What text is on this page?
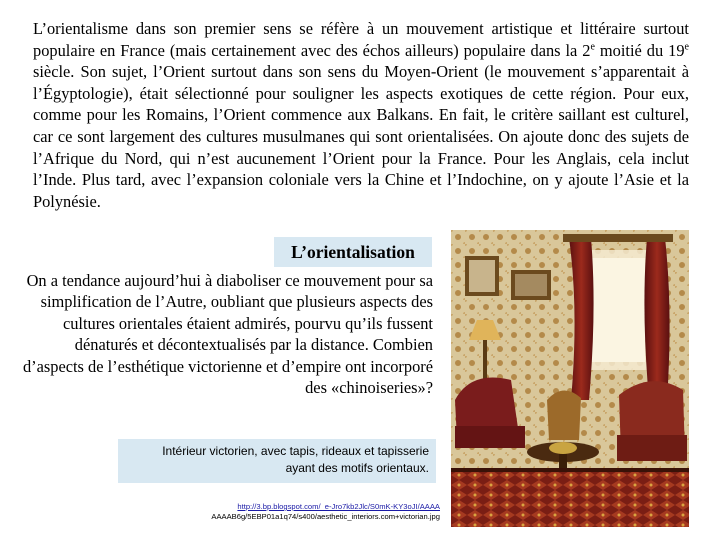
L’orientalisme dans son premier sens se réfère à un mouvement artistique et littéraire surtout populaire en France (mais certainement avec des échos ailleurs) populaire dans la 2e moitié du 19e siècle. Son sujet, l’Orient surtout dans son sens du Moyen-Orient (le mouvement s’apparentait à l’Égyptologie), était sélectionné pour souligner les aspects exotiques de cette région. Pour eux, comme pour les Romains, l’Orient commence aux Balkans. En fait, le critère saillant est culturel, car ce sont largement des cultures musulmanes qui sont orientalisées. On ajoute donc des sujets de l’Afrique du Nord, qui n’est aucunement l’Orient pour la France. Pour les Anglais, cela inclut l’Inde. Plus tard, avec l’expansion coloniale vers la Chine et l’Indochine, on y ajoute l’Asie et la Polynésie.

L’orientalisation

On a tendance aujourd’hui à diaboliser ce mouvement pour sa simplification de l’Autre, oubliant que plusieurs aspects des cultures orientales étaient admirés, pourvu qu’ils fussent dénaturés et décontextualisés par la distance. Combien d’aspects de l’esthétique victorienne et d’empire ont incorporé des «chinoiseries»?

Intérieur victorien, avec tapis, rideaux et tapisserie
ayant des motifs orientaux.
http://3.bp.blogspot.com/_e-Jro7kb2Jlc/S0mK-KY3oJI/AAAA
AAAAB6g/5EBP01a1q74/s400/aesthetic_interiors.com+victorian.jpg
